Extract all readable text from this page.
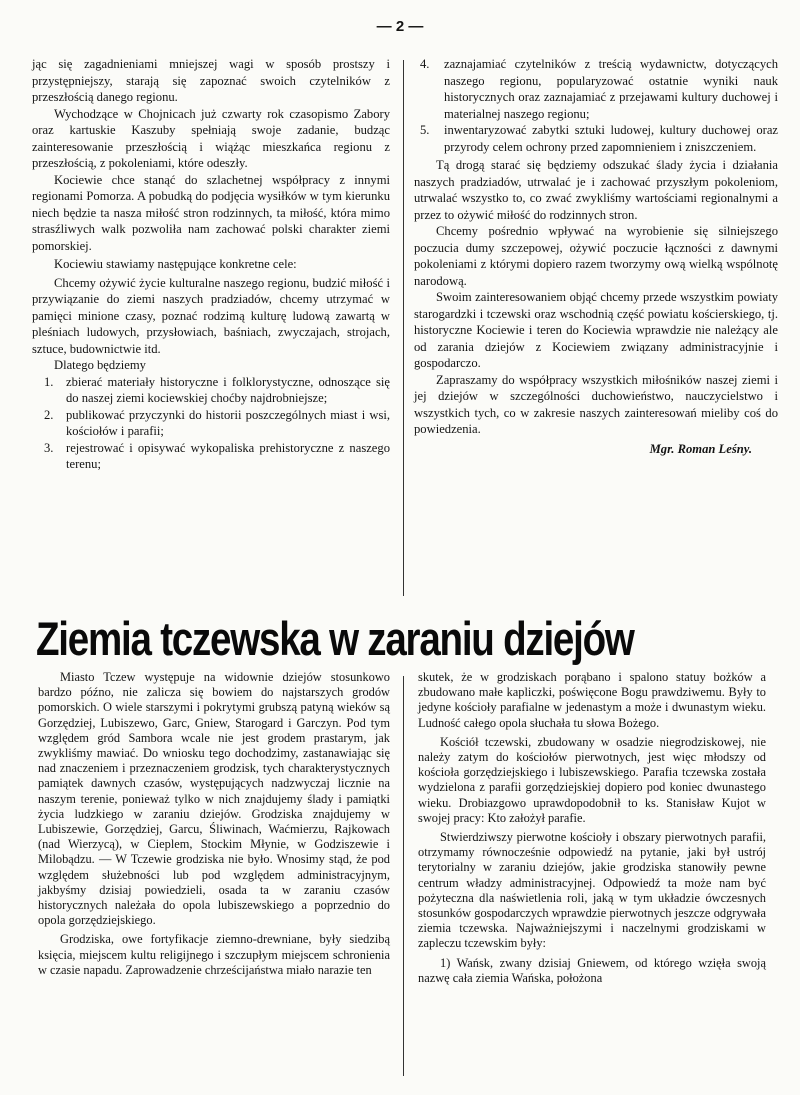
— 2 —

jąc się zagadnieniami mniejszej wagi w sposób prostszy i przystępniejszy, starają się zapoznać swoich czytelników z przeszłością danego regionu.

Wychodzące w Chojnicach już czwarty rok czasopismo Zabory oraz kartuskie Kaszuby spełniają swoje zadanie, budząc zainteresowanie przeszłością i wiążąc mieszkańca regionu z przeszłością, z pokoleniami, które odeszły.

Kociewie chce stanąć do szlachetnej współpracy z innymi regionami Pomorza. A pobudką do podjęcia wysiłków w tym kierunku niech będzie ta nasza miłość stron rodzinnych, ta miłość, która mimo strasźliwych walk pozwoliła nam zachować polski charakter ziemi pomorskiej.

Kociewiu stawiamy następujące konkretne cele:

Chcemy ożywić życie kulturalne naszego regionu, budzić miłość i przywiązanie do ziemi naszych pradziadów, chcemy utrzymać w pamięci minione czasy, poznać rodzimą kulturę ludową zawartą w pleśniach ludowych, przysłowiach, baśniach, zwyczajach, strojach, sztuce, budownictwie itd.

Dlatego będziemy

1. zbierać materiały historyczne i folklorystyczne, odnoszące się do naszej ziemi kociewskiej choćby najdrobniejsze;
2. publikować przyczynki do historii poszczególnych miast i wsi, kościołów i parafii;
3. rejestrować i opisywać wykopaliska prehistoryczne z naszego terenu;
4. zaznajamiać czytelników z treścią wydawnictw, dotyczących naszego regionu, popularyzować ostatnie wyniki nauk historycznych oraz zaznajamiać z przejawami kultury duchowej i materialnej naszego regionu;
5. inwentaryzować zabytki sztuki ludowej, kultury duchowej oraz przyrody celem ochrony przed zapomnieniem i zniszczeniem.

Tą drogą starać się będziemy odszukać ślady życia i działania naszych pradziadów, utrwalać je i zachować przyszłym pokoleniom, utrwalać wszystko to, co zwać zwykliśmy wartościami regionalnymi a przez to ożywić miłość do rodzinnych stron.

Chcemy pośrednio wpływać na wyrobienie się silniejszego poczucia dumy szczepowej, ożywić poczucie łączności z dawnymi pokoleniami z którymi dopiero razem tworzymy ową wielką wspólnotę narodową.

Swoim zainteresowaniem objąć chcemy przede wszystkim powiaty starogardzki i tczewski oraz wschodnią część powiatu kościerskiego, tj. historyczne Kociewie i teren do Kociewia wprawdzie nie należący ale od zarania dziejów z Kociewiem związany administracyjnie i gospodarczo.

Zapraszamy do współpracy wszystkich miłośników naszej ziemi i jej dziejów w szczególności duchowieństwo, nauczycielstwo i wszystkich tych, co w zakresie naszych zainteresowań mieliby coś do powiedzenia.

Mgr. Roman Leśny.
Ziemia tczewska w zaraniu dziejów

Miasto Tczew występuje na widownie dziejów stosunkowo bardzo późno, nie zalicza się bowiem do najstarszych grodów pomorskich. O wiele starszymi i pokrytymi grubszą patyną wieków są Gorzędziej, Lubiszewo, Garc, Gniew, Starogard i Garczyn. Pod tym względem gród Sambora wcale nie jest grodem prastarym, jak zwykliśmy mawiać. Do wniosku tego dochodzimy, zastanawiając się nad znaczeniem i przeznaczeniem grodzisk, tych charakterystycznych pamiątek dawnych czasów, występujących nadzwyczaj licznie na naszym terenie, ponieważ tylko w nich znajdujemy ślady i pamiątki życia ludzkiego w zaraniu dziejów. Grodziska znajdujemy w Lubiszewie, Gorzędziej, Garcu, Śliwinach, Waćmierzu, Rajkowach (nad Wierzycą), w Cieplem, Stockim Młynie, w Godziszewie i Milobądzu. — W Tczewie grodziska nie było. Wnosimy stąd, że pod względem służebności lub pod względem administracyjnym, jakbyśmy dzisiaj powiedzieli, osada ta w zaraniu czasów historycznych należała do opola lubiszewskiego a poprzednio do opola gorzędziejskiego.

Grodziska, owe fortyfikacje ziemno-drewniane, były siedzibą księcia, miejscem kultu religijnego i szczupłym miejscem schronienia w czasie napadu. Zaprowadzenie chrześcijaństwa miało narazie ten

skutek, że w grodziskach porąbano i spalono statuy bożków a zbudowano małe kapliczki, poświęcone Bogu prawdziwemu. Były to jedyne kościoły parafialne w jedenastym a może i dwunastym wieku. Ludność całego opola słuchała tu słowa Bożego.

Kościół tczewski, zbudowany w osadzie niegrodziskowej, nie należy zatym do kościołów pierwotnych, jest więc młodszy od kościoła gorzędziejskiego i lubiszewskiego. Parafia tczewska została wydzielona z parafii gorzędziejskiej dopiero pod koniec dwunastego wieku. Drobiazgowo uprawdopodobnił to ks. Stanisław Kujot w swojej pracy: Kto założył parafie.

Stwierdziwszy pierwotne kościoły i obszary pierwotnych parafii, otrzymamy równocześnie odpowiedź na pytanie, jaki był ustrój terytorialny w zaraniu dziejów, jakie grodziska stanowiły pewne centrum władzy administracyjnej. Odpowiedź ta może nam być pożyteczna dla naświetlenia roli, jaką w tym układzie ówczesnych stosunków gospodarczych wprawdzie pierwotnych jeszcze odgrywała ziemia tczewska. Najważniejszymi i naczelnymi grodziskami w zapleczu tczewskim były:

1) Wańsk, zwany dzisiaj Gniewem, od którego wzięła swoją nazwę cała ziemia Wańska, położona
